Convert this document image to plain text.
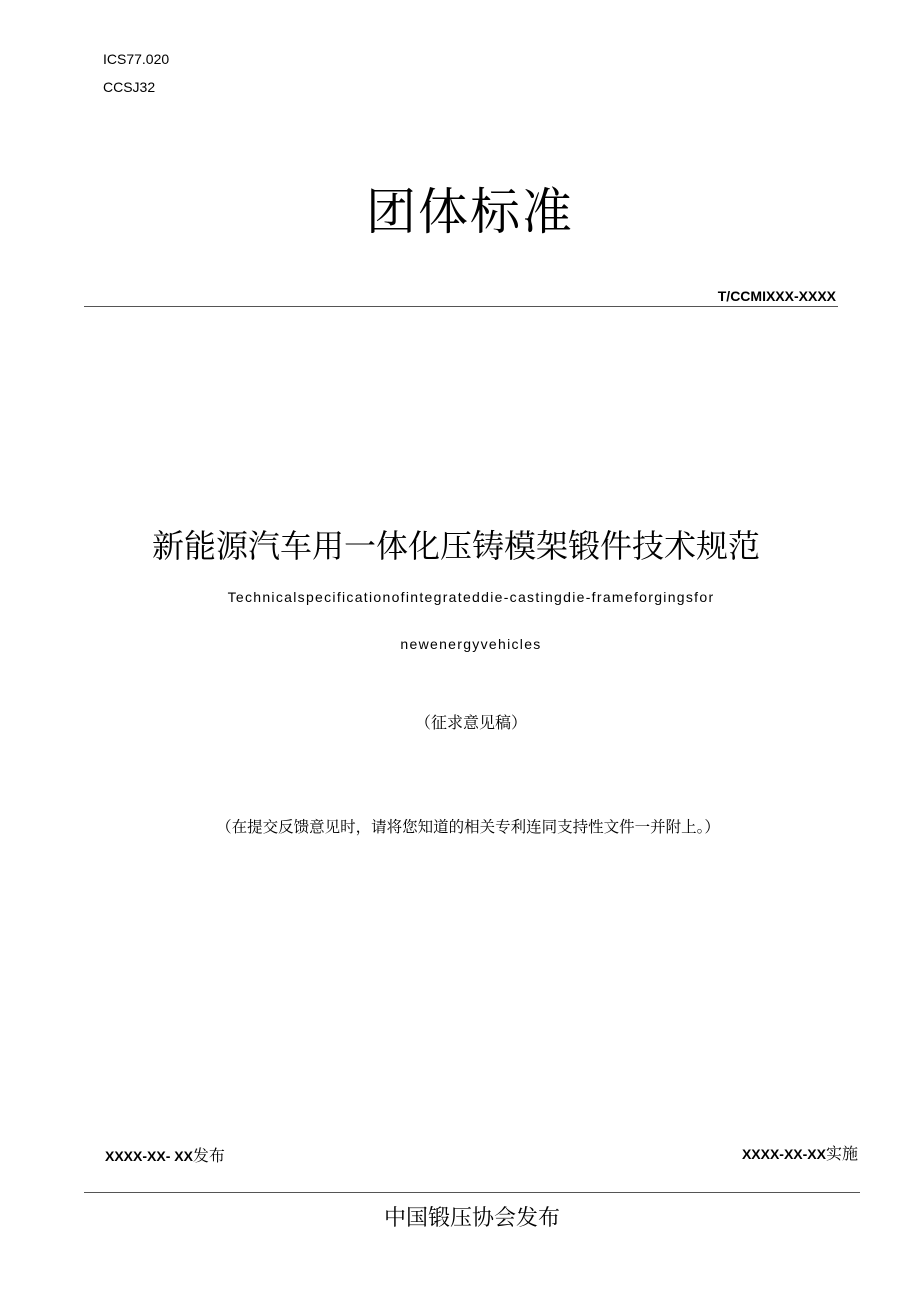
ICS77.020
CCSJ32
团体标准
T/CCMIXXX-XXXX
新能源汽车用一体化压铸模架锻件技术规范
Technicalspecificationofintegrateddie-castingdie-frameforgingsfor
newenergyvehicles
（征求意见稿）
（在提交反馈意见时，请将您知道的相关专利连同支持性文件一并附上。）
XXXX-XX- XX发布	XXXX-XX-XX实施
中国锻压协会发布
